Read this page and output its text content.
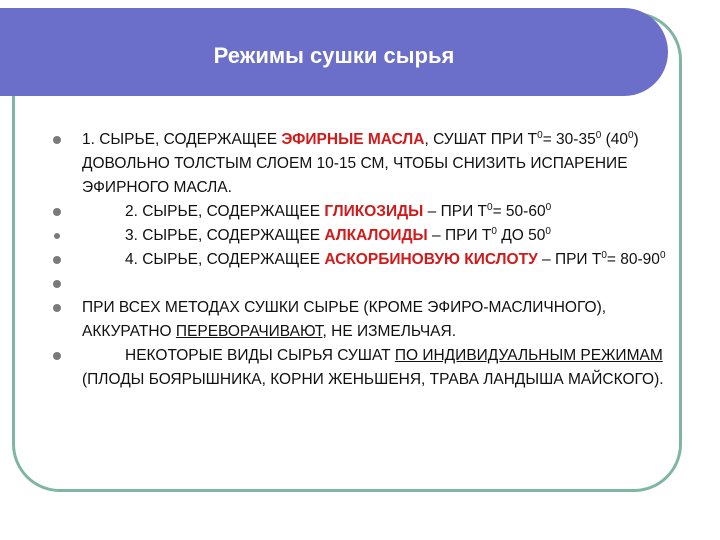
Режимы сушки сырья
1. СЫРЬЕ, СОДЕРЖАЩЕЕ ЭФИРНЫЕ МАСЛА, СУШАТ ПРИ $Т^0= 30-35^0$ $(40^0)$ ДОВОЛЬНО ТОЛСТЫМ СЛОЕМ 10-15 СМ, ЧТОБЫ СНИЗИТЬ ИСПАРЕНИЕ ЭФИРНОГО МАСЛА.
2. СЫРЬЕ, СОДЕРЖАЩЕЕ ГЛИКОЗИДЫ – ПРИ $Т^0= 50-60^0$
3. СЫРЬЕ, СОДЕРЖАЩЕЕ АЛКАЛОИДЫ – ПРИ $Т^0$ ДО $50^0$
4. СЫРЬЕ, СОДЕРЖАЩЕЕ АСКОРБИНОВУЮ КИСЛОТУ – ПРИ $Т^0= 80-90^0$
ПРИ ВСЕХ МЕТОДАХ СУШКИ СЫРЬЕ (КРОМЕ ЭФИРО-МАСЛИЧНОГО), АККУРАТНО ПЕРЕВОРАЧИВАЮТ, НЕ ИЗМЕЛЬЧАЯ.
НЕКОТОРЫЕ ВИДЫ СЫРЬЯ СУШАТ ПО ИНДИВИДУАЛЬНЫМ РЕЖИМАМ (ПЛОДЫ БОЯРЫШНИКА, КОРНИ ЖЕНЬШЕНЯ, ТРАВА ЛАНДЫША МАЙСКОГО).
